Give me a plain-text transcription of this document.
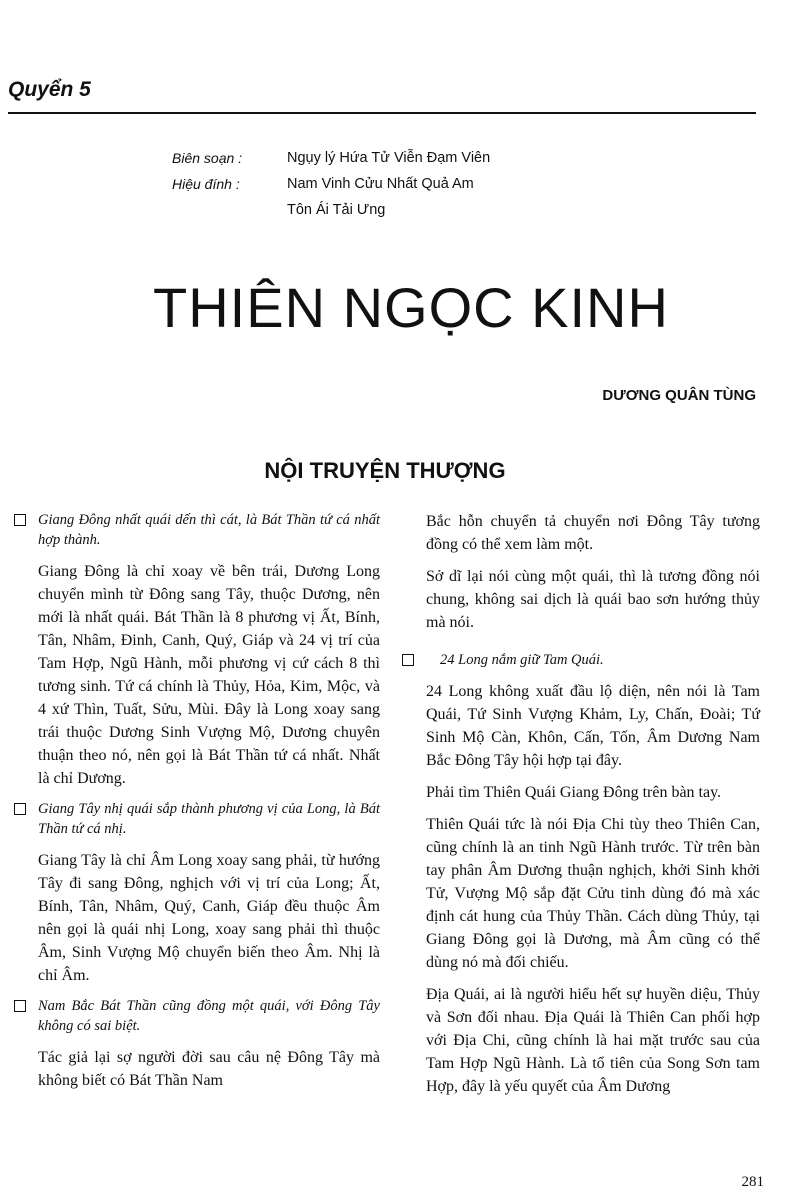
Quyển 5
Biên soạn :	Ngụy lý Hứa Tử Viễn Đạm Viên
Hiệu đính :	Nam Vinh Cửu Nhất Quả Am
Tôn Ái Tải Ưng
THIÊN NGỌC KINH
DƯƠNG QUÂN TÙNG
NỘI TRUYỆN THƯỢNG
Giang Đông nhất quái dến thì cát, là Bát Thần tứ cá nhất hợp thành.
Giang Đông là chỉ xoay về bên trái, Dương Long chuyển mình từ Đông sang Tây, thuộc Dương, nên mới là nhất quái. Bát Thần là 8 phương vị Ất, Bính, Tân, Nhâm, Đinh, Canh, Quý, Giáp và 24 vị trí của Tam Hợp, Ngũ Hành, mỗi phương vị cứ cách 8 thì tương sinh. Tứ cá chính là Thủy, Hỏa, Kim, Mộc, và 4 xứ Thìn, Tuất, Sửu, Mùi. Đây là Long xoay sang trái thuộc Dương Sinh Vượng Mộ, Dương chuyên thuận theo nó, nên gọi là Bát Thần tứ cá nhất. Nhất là chỉ Dương.
Giang Tây nhị quái sắp thành phương vị của Long, là Bát Thần tứ cá nhị.
Giang Tây là chỉ Âm Long xoay sang phải, từ hướng Tây đi sang Đông, nghịch với vị trí của Long; Ất, Bính, Tân, Nhâm, Quý, Canh, Giáp đều thuộc Âm nên gọi là quái nhị Long, xoay sang phải thì thuộc Âm, Sinh Vượng Mộ chuyển biến theo Âm. Nhị là chỉ Âm.
Nam Bắc Bát Thần cũng đồng một quái, với Đông Tây không có sai biệt.
Tác giả lại sợ người đời sau câu nệ Đông Tây mà không biết có Bát Thần Nam
Bắc hỗn chuyển tả chuyển nơi Đông Tây tương đồng có thể xem làm một.
Sở dĩ lại nói cùng một quái, thì là tương đồng nói chung, không sai dịch là quái bao sơn hướng thủy mà nói.
24 Long nắm giữ Tam Quái.
24 Long không xuất đầu lộ diện, nên nói là Tam Quái, Tứ Sinh Vượng Khảm, Ly, Chấn, Đoài; Tứ Sinh Mộ Càn, Khôn, Cấn, Tốn, Âm Dương Nam Bắc Đông Tây hội hợp tại đây.
Phải tìm Thiên Quái Giang Đông trên bàn tay.
Thiên Quái tức là nói Địa Chi tùy theo Thiên Can, cũng chính là an tinh Ngũ Hành trước. Từ trên bàn tay phân Âm Dương thuận nghịch, khởi Sinh khởi Tử, Vượng Mộ sắp đặt Cửu tinh dùng đó mà xác định cát hung của Thủy Thần. Cách dùng Thủy, tại Giang Đông gọi là Dương, mà Âm cũng có thể dùng nó mà đối chiếu.
Địa Quái, ai là người hiểu hết sự huyền diệu, Thủy và Sơn đối nhau. Địa Quái là Thiên Can phối hợp với Địa Chi, cũng chính là hai mặt trước sau của Tam Hợp Ngũ Hành. Là tổ tiên của Song Sơn tam Hợp, đây là yếu quyết của Âm Dương
281
